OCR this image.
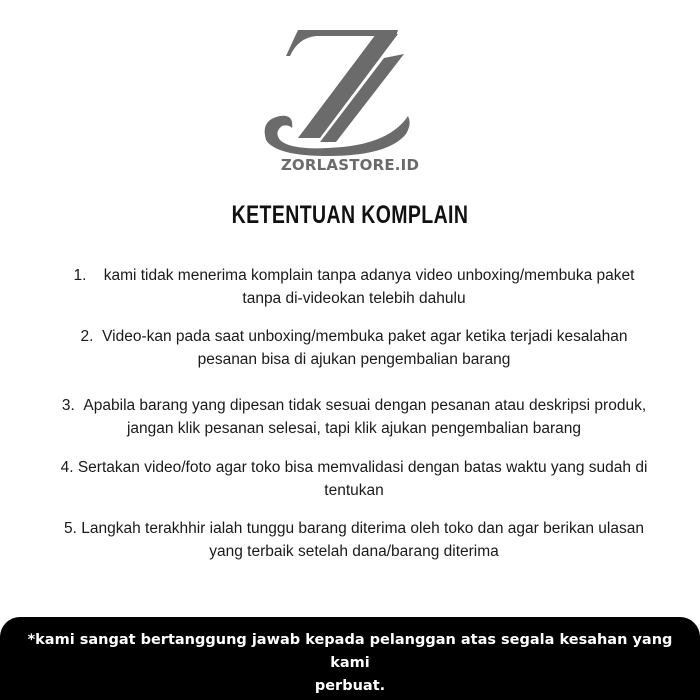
ZORLASTORE.ID
KETENTUAN KOMPLAIN
1. kami tidak menerima komplain tanpa adanya video unboxing/membuka paket
tanpa di-videokan telebih dahulu
2. Video-kan pada saat unboxing/membuka paket agar ketika terjadi kesalahan
pesanan bisa di ajukan pengembalian barang
3. Apabila barang yang dipesan tidak sesuai dengan pesanan atau deskripsi produk,
jangan klik pesanan selesai, tapi klik ajukan pengembalian barang
4. Sertakan video/foto agar toko bisa memvalidasi dengan batas waktu yang sudah di
tentukan
5. Langkah terakhhir ialah tunggu barang diterima oleh toko dan agar berikan ulasan
yang terbaik setelah dana/barang diterima
*kami sangat bertanggung jawab kepada pelanggan atas segala kesahan yang kami
perbuat.
